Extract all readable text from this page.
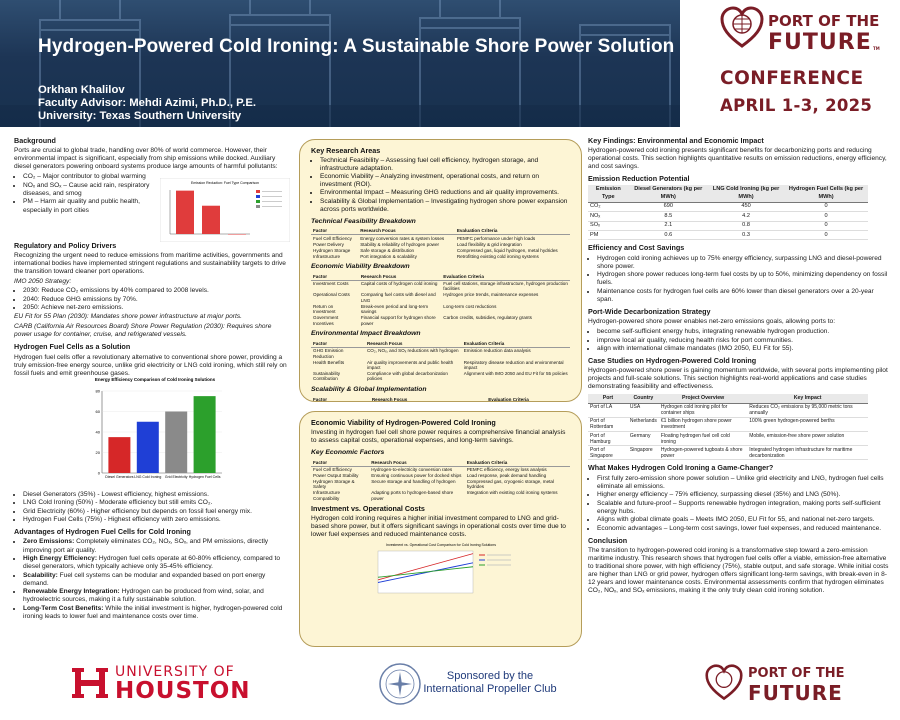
Hydrogen-Powered Cold Ironing: A Sustainable Shore Power Solution
Orkhan Khalilov
Faculty Advisor: Mehdi Azimi, Ph.D., P.E.
University: Texas Southern University
PORT OF THE
FUTURE TM
CONFERENCE
APRIL 1-3, 2025
Background

Ports are crucial to global trade, handling over 80% of world commerce. However, their environmental impact is significant, especially from ship emissions while docked. Auxiliary diesel generators powering onboard systems produce large amounts of harmful pollutants:

• CO₂ – Major contributor to global warming
• NOₓ and SOₓ – Cause acid rain, respiratory diseases, and smog
• PM – Harm air quality and public health, especially in port cities
Regulatory and Policy Drivers

Recognizing the urgent need to reduce emissions from maritime activities, governments and international bodies have implemented stringent regulations and sustainability targets to drive the transition toward cleaner port operations.

IMO 2050 Strategy:
• 2030: Reduce CO₂ emissions by 40% compared to 2008 levels.
• 2040: Reduce GHG emissions by 70%.
• 2050: Achieve net-zero emissions.

EU Fit for 55 Plan (2030): Mandates shore power infrastructure at major ports.

CARB (California Air Resources Board) Shore Power Regulation (2030): Requires shore power usage for container, cruise, and refrigerated vessels.

Hydrogen Fuel Cells as a Solution

Hydrogen fuel cells offer a revolutionary alternative to conventional shore power, providing a truly emission-free energy source, unlike grid electricity or LNG cold ironing, which still rely on fossil fuels and emit greenhouse gases.

• Diesel Generators (35%) - Lowest efficiency, highest emissions.
• LNG Cold Ironing (50%) - Moderate efficiency but still emits CO₂.
• Grid Electricity (60%) - Higher efficiency but depends on fossil fuel energy mix.
• Hydrogen Fuel Cells (75%) - Highest efficiency with zero emissions.
Advantages of Hydrogen Fuel Cells for Cold Ironing
• Zero Emissions: Completely eliminates CO₂, NOₓ, SOₓ, and PM emissions, directly improving port air quality.
• High Energy Efficiency: Hydrogen fuel cells operate at 60-80% efficiency, compared to diesel generators, which typically achieve only 35-45% efficiency.
• Scalability: Fuel cell systems can be modular and expanded based on port energy demand.
• Renewable Energy Integration: Hydrogen can be produced from wind, solar, and hydroelectric sources, making it a fully sustainable solution.
• Long-Term Cost Benefits: While the initial investment is higher, hydrogen-powered cold ironing leads to lower fuel and maintenance costs over time.
Emission Reduction: Fuel Type Comparison
Energy Efficiency Comparison of Cold Ironing Solutions
0
20
40
60
80
Diesel Generators LNG Cold Ironing Grid Electricity Hydrogen Fuel Cells
Key Research Areas
• Technical Feasibility – Assessing fuel cell efficiency, hydrogen storage, and infrastructure adaptation.
• Economic Viability – Analyzing investment, operational costs, and return on investment (ROI).
• Environmental Impact – Measuring GHG reductions and air quality improvements.
• Scalability & Global Implementation – Investigating hydrogen shore power expansion across ports worldwide.
Technical Feasibility Breakdown
Factor	Research Focus	Evaluation Criteria
Fuel Cell Efficiency	Energy conversion rates & system losses	PEMFC performance under high loads
Power Delivery	Stability & reliability of hydrogen power	Load flexibility & grid integration
Hydrogen Storage	Safe storage & distribution	Compressed gas, liquid hydrogen, metal hydrides
Infrastructure	Port integration & scalability	Retrofitting existing cold ironing systems
Economic Viability Breakdown
Factor	Research Focus	Evaluation Criteria
Investment Costs	Capital costs of hydrogen cold ironing	Fuel cell stations, storage infrastructure, hydrogen production facilities
Operational Costs	Comparing fuel costs with diesel and LNG	Hydrogen price trends, maintenance expenses
Return on Investment	Break-even period and long-term savings	Long-term cost reductions
Government Incentives	Financial support for hydrogen shore power	Carbon credits, subsidies, regulatory grants
Environmental Impact Breakdown
Factor	Research Focus	Evaluation Criteria
GHG Emission Reduction	CO₂, NOₓ, and SOₓ reductions with hydrogen	Emission reduction data analysis
Health Benefits	Air quality improvements and public health impact	Respiratory disease reduction and environmental impact
Sustainability Contribution	Compliance with global decarbonization policies	Alignment with IMO 2050 and EU Fit for 55 policies
Scalability & Global Implementation
Factor	Research Focus	Evaluation Criteria

Economic Viability of Hydrogen-Powered Cold Ironing

Investing in hydrogen fuel cell shore power requires a comprehensive financial analysis to assess capital costs, operational expenses, and long-term savings.

Key Economic Factors
Factor	Research Focus	Evaluation Criteria
Fuel Cell Efficiency	Hydrogen-to-electricity conversion rates	PEMFC efficiency, energy loss analysis
Power Output Stability	Ensuring continuous power for docked ships	Load response, peak demand handling
Hydrogen Storage & Safety	Secure storage and handling of hydrogen	Compressed gas, cryogenic storage, metal hydrides
Infrastructure Compatibility	Adapting ports to hydrogen-based shore power	Integration with existing cold ironing systems
Investment vs. Operational Costs

Hydrogen cold ironing requires a higher initial investment compared to LNG and grid-based shore power, but it offers significant savings in operational costs over time due to lower fuel expenses and reduced maintenance costs.

Investment vs. Operational Cost Comparison for Cold Ironing Solutions
Key Findings: Environmental and Economic Impact

Hydrogen-powered cold ironing presents significant benefits for decarbonizing ports and reducing operational costs. This section highlights quantitative results on emission reductions, energy efficiency, and cost savings.

Emission Reduction Potential
Emission Type	Diesel Generators (kg per MWh)	LNG Cold Ironing (kg per MWh)	Hydrogen Fuel Cells (kg per MWh)
CO₂	690	450	0
NOₓ	8.5	4.2	0
SOₓ	2.1	0.8	0
PM	0.6	0.3	0
Efficiency and Cost Savings
• Hydrogen cold ironing achieves up to 75% energy efficiency, surpassing LNG and diesel-powered shore power.
• Hydrogen shore power reduces long-term fuel costs by up to 50%, minimizing dependency on fossil fuels.
• Maintenance costs for hydrogen fuel cells are 60% lower than diesel generators over a 20-year span.
Port-Wide Decarbonization Strategy

Hydrogen-powered shore power enables net-zero emissions goals, allowing ports to:

• become self-sufficient energy hubs, integrating renewable hydrogen production.
• improve local air quality, reducing health risks for port communities.
• align with international climate mandates (IMO 2050, EU Fit for 55).
Case Studies on Hydrogen-Powered Cold Ironing

Hydrogen-powered shore power is gaining momentum worldwide, with several ports implementing pilot projects and full-scale solutions. This section highlights real-world applications and case studies demonstrating feasibility and effectiveness.

Port	Country	Project Overview	Key Impact
Port of LA	USA	Hydrogen cold ironing pilot for container ships	Reduces CO₂ emissions by 95,000 metric tons annually
Port of Rotterdam	Netherlands	€1 billion hydrogen shore power investment	100% green hydrogen-powered berths
Port of Hamburg	Germany	Floating hydrogen fuel cell cold ironing	Mobile, emission-free shore power solution
Port of Singapore	Singapore	Hydrogen-powered tugboats & shore power	Integrated hydrogen infrastructure for maritime decarbonization
What Makes Hydrogen Cold Ironing a Game-Changer?
• First fully zero-emission shore power solution – Unlike grid electricity and LNG, hydrogen fuel cells eliminate all emissions.
• Higher energy efficiency – 75% efficiency, surpassing diesel (35%) and LNG (50%).
• Scalable and future-proof – Supports renewable hydrogen integration, making ports self-sufficient energy hubs.
• Aligns with global climate goals – Meets IMO 2050, EU Fit for 55, and national net-zero targets.
• Economic advantages – Long-term cost savings, lower fuel expenses, and reduced maintenance.
Conclusion

The transition to hydrogen-powered cold ironing is a transformative step toward a zero-emission maritime industry. This research shows that hydrogen fuel cells offer a viable, emission-free alternative to traditional shore power, with high efficiency (75%), stable output, and safe storage. While initial costs are higher than LNG or grid power, hydrogen offers significant long-term savings, with break-even in 8-12 years and lower maintenance costs. Environmental assessments confirm that hydrogen eliminates CO₂, NOₓ, and SOₓ emissions, making it the only truly clean cold ironing solution.

UNIVERSITY OF
HOUSTON
Sponsored by the
International Propeller Club
PORT OF THE
FUTURE
